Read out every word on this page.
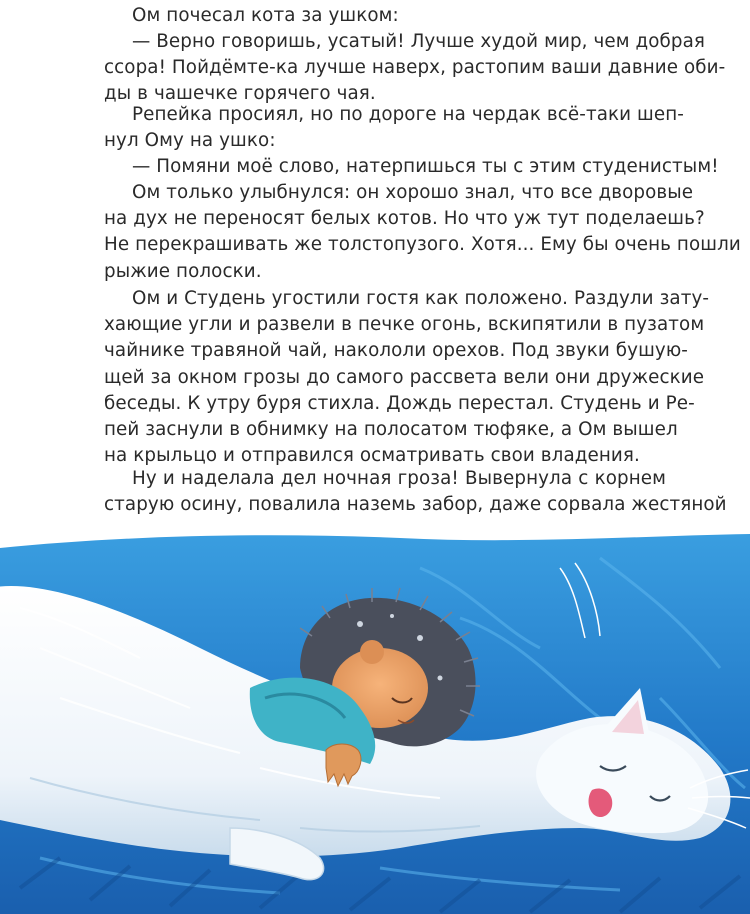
Ом почесал кота за ушком:
— Верно говоришь, усатый! Лучше худой мир, чем добрая
ссора! Пойдёмте-ка лучше наверх, растопим ваши давние оби-
ды в чашечке горячего чая.
Репейка просиял, но по дороге на чердак всё-таки шеп-
нул Ому на ушко:
— Помяни моё слово, натерпишься ты с этим студенистым!
Ом только улыбнулся: он хорошо знал, что все дворовые
на дух не переносят белых котов. Но что уж тут поделаешь?
Не перекрашивать же толстопузого. Хотя... Ему бы очень пошли
рыжие полоски.
Ом и Студень угостили гостя как положено. Раздули зату-
хающие угли и развели в печке огонь, вскипятили в пузатом
чайнике травяной чай, накололи орехов. Под звуки бушую-
щей за окном грозы до самого рассвета вели они дружеские
беседы. К утру буря стихла. Дождь перестал. Студень и Ре-
пей заснули в обнимку на полосатом тюфяке, а Ом вышел
на крыльцо и отправился осматривать свои владения.
Ну и наделала дел ночная гроза! Вывернула с корнем
старую осину, повалила наземь забор, даже сорвала жестяной
